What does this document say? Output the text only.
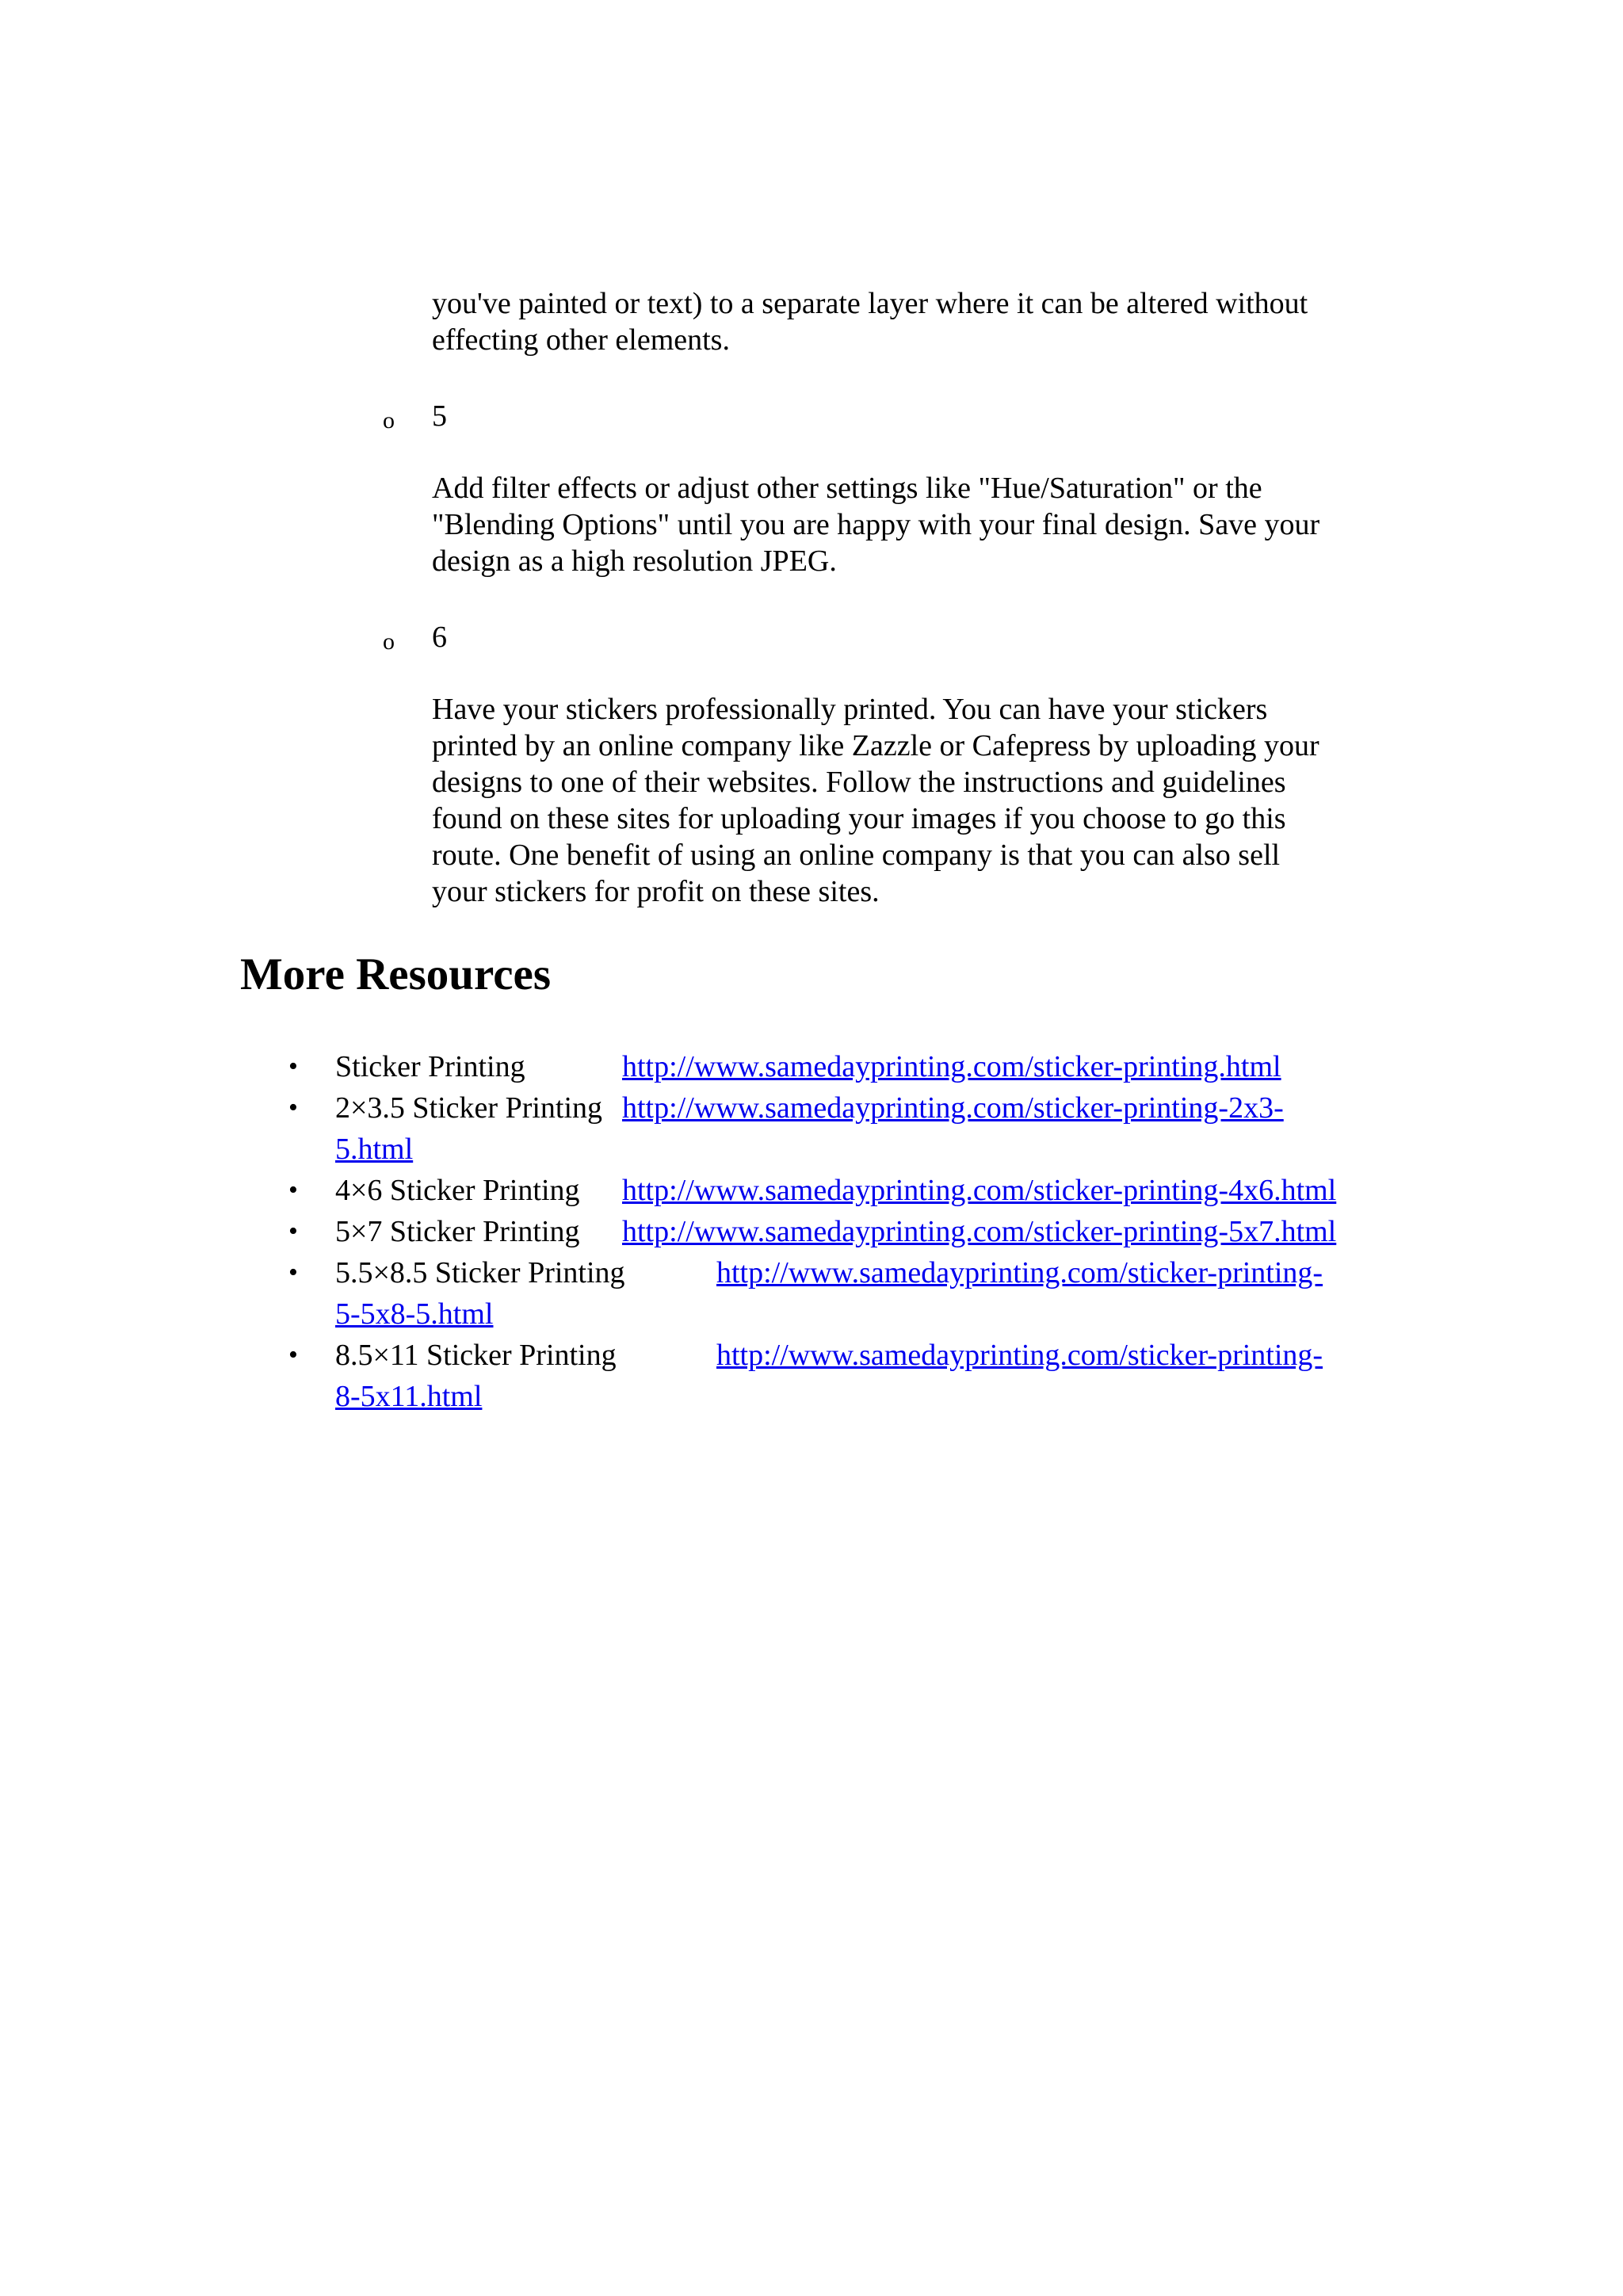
you've painted or text) to a separate layer where it can be altered without

effecting other elements.

o 5

Add filter effects or adjust other settings like "Hue/Saturation" or the

"Blending Options" until you are happy with your final design. Save your

design as a high resolution JPEG.

o 6

Have your stickers professionally printed. You can have your stickers

printed by an online company like Zazzle or Cafepress by uploading your

designs to one of their websites. Follow the instructions and guidelines

found on these sites for uploading your images if you choose to go this

route. One benefit of using an online company is that you can also sell

your stickers for profit on these sites.

More Resources
• Sticker Printing	http://www.samedayprinting.com/sticker-printing.html
• 2×3.5 Sticker Printing http://www.samedayprinting.com/sticker-printing-2x3-
5.html
• 4×6 Sticker Printing http://www.samedayprinting.com/sticker-printing-4x6.html
• 5×7 Sticker Printing http://www.samedayprinting.com/sticker-printing-5x7.html
• 5.5×8.5 Sticker Printing	http://www.samedayprinting.com/sticker-printing-
5-5x8-5.html
• 8.5×11 Sticker Printing	http://www.samedayprinting.com/sticker-printing-
8-5x11.html
